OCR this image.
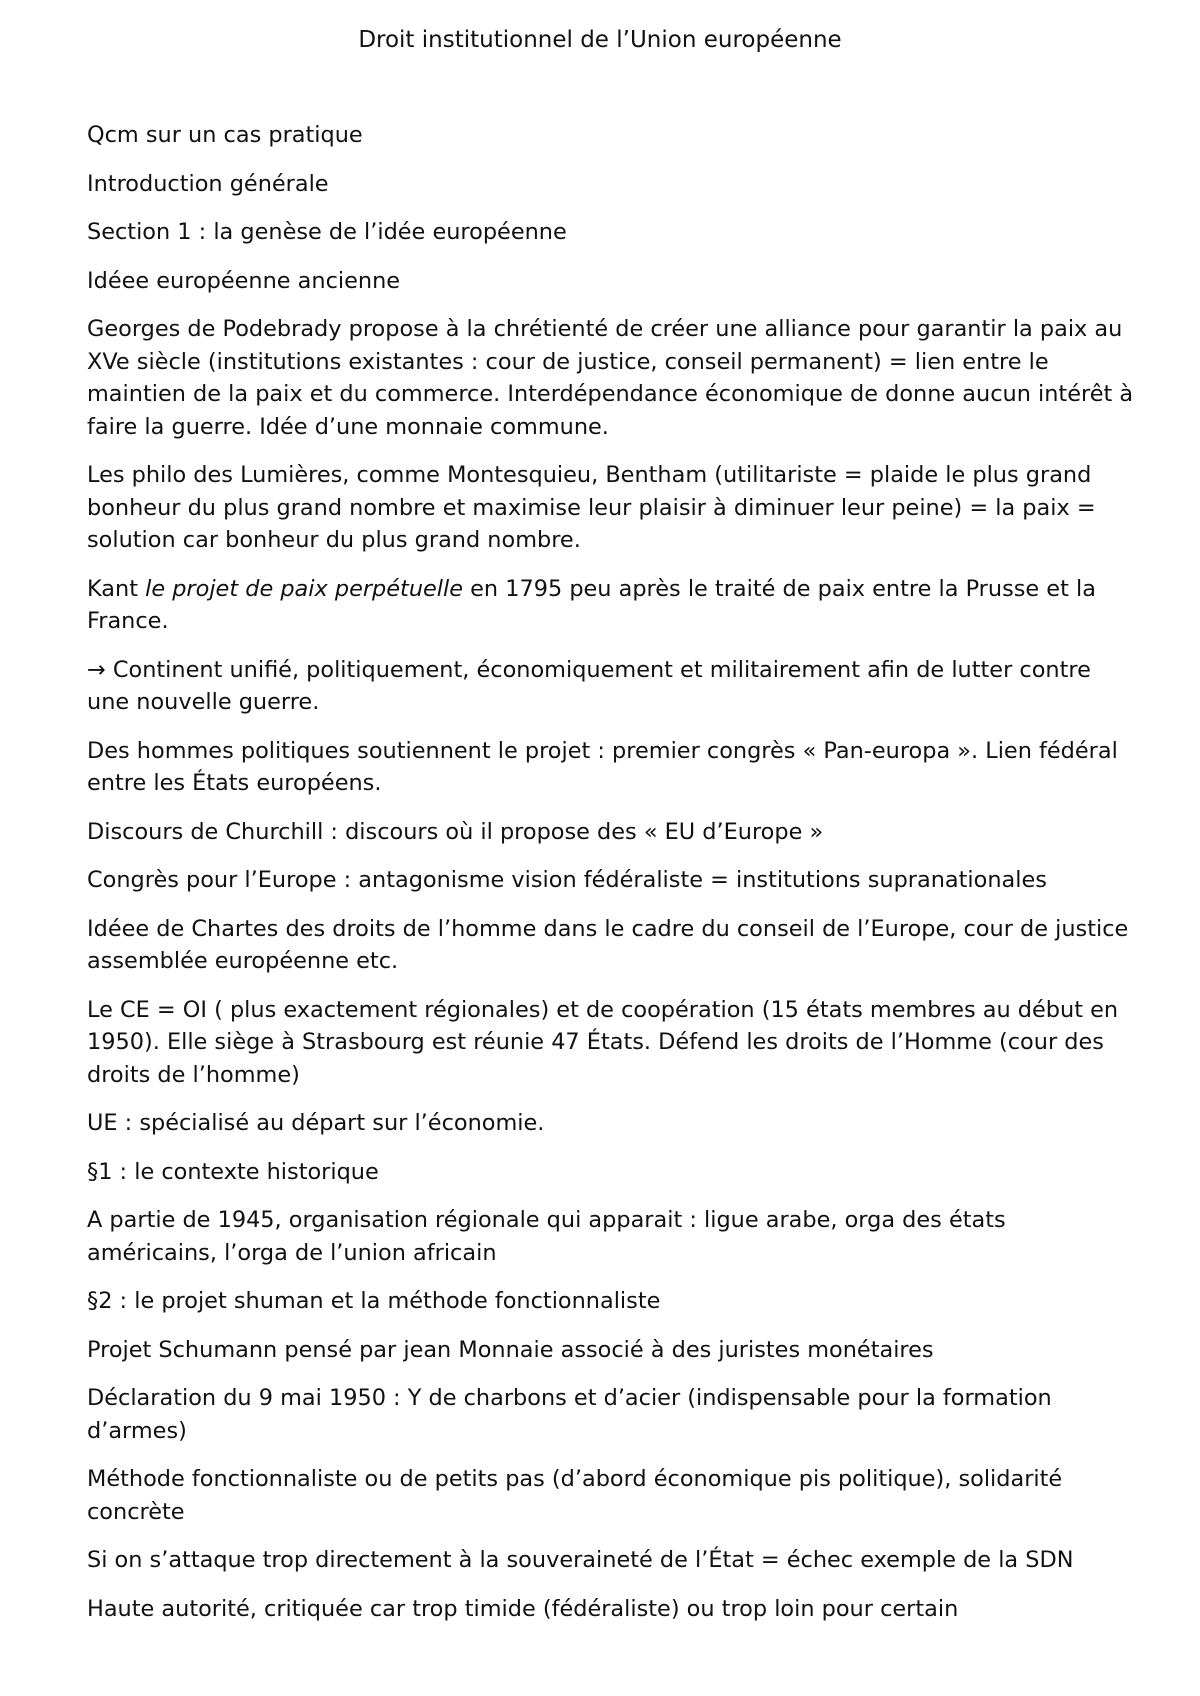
Droit institutionnel de l’Union européenne

Qcm sur un cas pratique

Introduction générale

Section 1 : la genèse de l’idée européenne

Idéee européenne ancienne

Georges de Podebrady propose à la chrétienté de créer une alliance pour garantir la paix au XVe siècle (institutions existantes : cour de justice, conseil permanent) = lien entre le maintien de la paix et du commerce. Interdépendance économique de donne aucun intérêt à faire la guerre. Idée d’une monnaie commune.

Les philo des Lumières, comme Montesquieu, Bentham (utilitariste = plaide le plus grand bonheur du plus grand nombre et maximise leur plaisir à diminuer leur peine) = la paix = solution car bonheur du plus grand nombre.

Kant le projet de paix perpétuelle en 1795 peu après le traité de paix entre la Prusse et la France.

→ Continent unifié, politiquement, économiquement et militairement afin de lutter contre une nouvelle guerre.

Des hommes politiques soutiennent le projet : premier congrès « Pan-europa ». Lien fédéral entre les États européens.

Discours de Churchill : discours où il propose des « EU d’Europe »

Congrès pour l’Europe : antagonisme vision fédéraliste = institutions supranationales

Idéee de Chartes des droits de l’homme dans le cadre du conseil de l’Europe, cour de justice assemblée européenne etc.

Le CE = OI ( plus exactement régionales) et de coopération (15 états membres au début en 1950). Elle siège à Strasbourg est réunie 47 États. Défend les droits de l’Homme (cour des droits de l’homme)

UE : spécialisé au départ sur l’économie.

§1 : le contexte historique

A partie de 1945, organisation régionale qui apparait : ligue arabe, orga des états américains, l’orga de l’union africain

§2 : le projet shuman et la méthode fonctionnaliste

Projet Schumann pensé par jean Monnaie associé à des juristes monétaires

Déclaration du 9 mai 1950 : Y de charbons et d’acier (indispensable pour la formation d’armes)

Méthode fonctionnaliste ou de petits pas (d’abord économique pis politique), solidarité concrète

Si on s’attaque trop directement à la souveraineté de l’État = échec exemple de la SDN

Haute autorité, critiquée car trop timide (fédéraliste) ou trop loin pour certain
